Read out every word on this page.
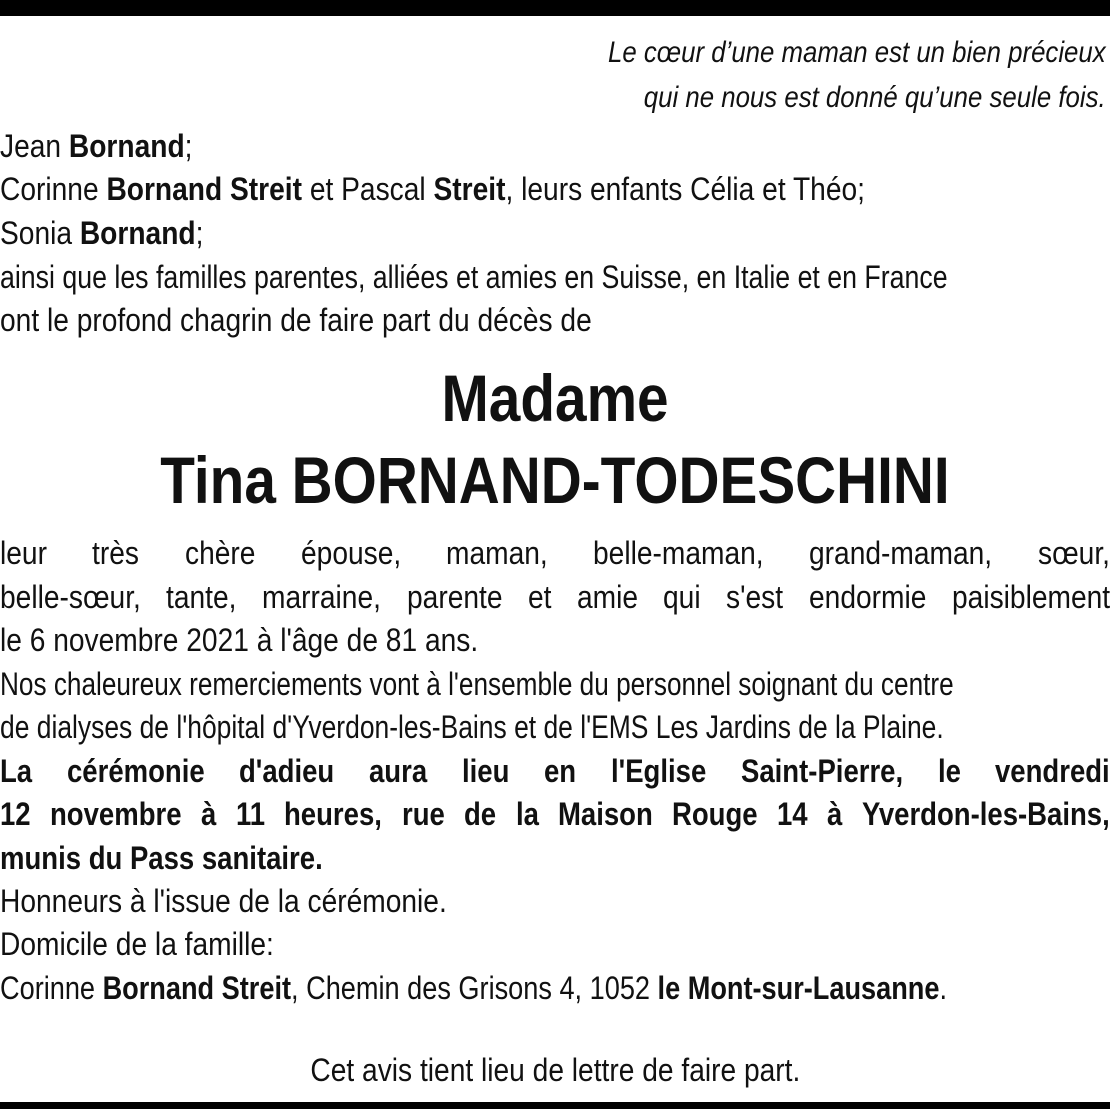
Le cœur d’une maman est un bien précieux
qui ne nous est donné qu’une seule fois.
Jean Bornand;
Corinne Bornand Streit et Pascal Streit, leurs enfants Célia et Théo;
Sonia Bornand;
ainsi que les familles parentes, alliées et amies en Suisse, en Italie et en France
ont le profond chagrin de faire part du décès de
Madame
Tina BORNAND-TODESCHINI
leur très chère épouse, maman, belle-maman, grand-maman, sœur,
belle-sœur, tante, marraine, parente et amie qui s'est endormie paisiblement
le 6 novembre 2021 à l'âge de 81 ans.
Nos chaleureux remerciements vont à l'ensemble du personnel soignant du centre
de dialyses de l'hôpital d'Yverdon-les-Bains et de l'EMS Les Jardins de la Plaine.
La cérémonie d'adieu aura lieu en l'Eglise Saint-Pierre, le vendredi
12 novembre à 11 heures, rue de la Maison Rouge 14 à Yverdon-les-Bains,
munis du Pass sanitaire.
Honneurs à l'issue de la cérémonie.
Domicile de la famille:
Corinne Bornand Streit, Chemin des Grisons 4, 1052 le Mont-sur-Lausanne.
Cet avis tient lieu de lettre de faire part.
